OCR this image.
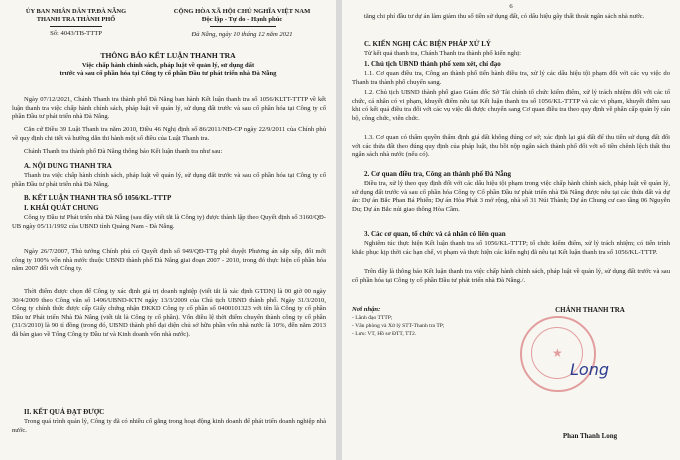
ỦY BAN NHÂN DÂN TP.ĐÀ NẴNG
THANH TRA THÀNH PHỐ
Số: 4043/TB-TTTP
CỘNG HÒA XÃ HỘI CHỦ NGHĨA VIỆT NAM
Độc lập - Tự do - Hạnh phúc
Đà Nẵng, ngày 10 tháng 12 năm 2021
THÔNG BÁO KẾT LUẬN THANH TRA
Việc chấp hành chính sách, pháp luật về quản lý, sử dụng đất
trước và sau cổ phần hóa tại Công ty cổ phần Đầu tư phát triển nhà Đà Nẵng
Ngày 07/12/2021, Chánh Thanh tra thành phố Đà Nẵng ban hành Kết luận thanh tra số 1056/KLTT-TTTP về kết luận thanh tra việc chấp hành chính sách, pháp luật về quản lý, sử dụng đất trước và sau cổ phần hóa tại Công ty cổ phần Đầu tư phát triển nhà Đà Nẵng.
Căn cứ Điều 39 Luật Thanh tra năm 2010, Điều 46 Nghị định số 86/2011/NĐ-CP ngày 22/9/2011 của Chính phủ về quy định chi tiết và hướng dẫn thi hành một số điều của Luật Thanh tra.
Chánh Thanh tra thành phố Đà Nẵng thông báo Kết luận thanh tra như sau:
A. NỘI DUNG THANH TRA
Thanh tra việc chấp hành chính sách, pháp luật về quản lý, sử dụng đất trước và sau cổ phần hóa tại Công ty cổ phần Đầu tư phát triển nhà Đà Nẵng.
B. KẾT LUẬN THANH TRA SỐ 1056/KL-TTTP
I. KHÁI QUÁT CHUNG
Công ty Đầu tư Phát triển nhà Đà Nẵng (sau đây viết tắt là Công ty) được thành lập theo Quyết định số 3160/QĐ-UB ngày 05/11/1992 của UBND tỉnh Quảng Nam - Đà Nẵng.
Ngày 26/7/2007, Thủ tướng Chính phủ có Quyết định số 949/QĐ-TTg phê duyệt Phương án sắp xếp, đổi mới công ty 100% vốn nhà nước thuộc UBND thành phố Đà Nẵng giai đoạn 2007 - 2010, trong đó thực hiện cổ phần hóa năm 2007 đối với Công ty.
Thời điểm được chọn để Công ty xác định giá trị doanh nghiệp (viết tắt là xác định GTDN) là 00 giờ 00 ngày 30/4/2009 theo Công văn số 1496/UBND-KTN ngày 13/3/2009 của Chủ tịch UBND thành phố. Ngày 31/3/2010, Công ty chính thức được cấp Giấy chứng nhận ĐKKD Công ty cổ phần số 0400101323 với tên là Công ty cổ phần Đầu tư Phát triển Nhà Đà Nẵng (viết tắt là Công ty cổ phần). Vốn điều lệ thời điểm chuyển thành công ty cổ phần (31/3/2010) là 90 tỉ đồng (trong đó, UBND thành phố đại diện chủ sở hữu phần vốn nhà nước là 10%, đến năm 2013 đã bàn giao về Tổng Công ty Đầu tư và Kinh doanh vốn nhà nước).
II. KẾT QUẢ ĐẠT ĐƯỢC
Trong quá trình quản lý, Công ty đã có nhiều cố gắng trong hoạt động kinh doanh để phát triển doanh nghiệp nhà nước.
6
tăng chi phí đầu tư dự án làm giảm thu số tiền sử dụng đất, có dấu hiệu gây thất thoát ngân sách nhà nước.
C. KIẾN NGHỊ CÁC BIỆN PHÁP XỬ LÝ
Từ kết quả thanh tra, Chánh Thanh tra thành phố kiến nghị:
1. Chủ tịch UBND thành phố xem xét, chỉ đạo
1.1. Cơ quan điều tra, Công an thành phố tiến hành điều tra, xử lý các dấu hiệu tội phạm đối với các vụ việc do Thanh tra thành phố chuyển sang.
1.2. Chủ tịch UBND thành phố giao Giám đốc Sở Tài chính tổ chức kiểm điểm, xử lý trách nhiệm đối với các tổ chức, cá nhân có vi phạm, khuyết điểm nêu tại Kết luận thanh tra số 1056/KL-TTTP và các vi phạm, khuyết điểm sau khi có kết quả điều tra đối với các vụ việc đã được chuyển sang Cơ quan điều tra theo quy định về phân cấp quản lý cán bộ, công chức, viên chức.
1.3. Cơ quan có thẩm quyền thẩm định giá đất không đúng cơ sở; xác định lại giá đất để thu tiền sử dụng đất đối với các thửa đất theo đúng quy định của pháp luật, thu hồi nộp ngân sách thành phố đối với số tiền chênh lệch thất thu ngân sách nhà nước (nếu có).
2. Cơ quan điều tra, Công an thành phố Đà Nẵng
Điều tra, xử lý theo quy định đối với các dấu hiệu tội phạm trong việc chấp hành chính sách, pháp luật về quản lý, sử dụng đất trước và sau cổ phần hóa Công ty Cổ phần Đầu tư phát triển nhà Đà Nẵng được nêu tại các thửa đất và dự án: Dự án Bắc Phan Bá Phiến; Dự án Hòa Phát 3 mở rộng, nhà số 31 Núi Thành; Dự án Chung cư cao tầng 06 Nguyễn Du; Dự án Bắc núi giao thông Hòa Cầm.
3. Các cơ quan, tổ chức và cá nhân có liên quan
Nghiêm túc thực hiện Kết luận thanh tra số 1056/KL-TTTP; tổ chức kiểm điểm, xử lý trách nhiệm; có tiến trình khắc phục kịp thời các hạn chế, vi phạm và thực hiện các kiến nghị đã nêu tại Kết luận thanh tra số 1056/KL-TTTP.
Trên đây là thông báo Kết luận thanh tra việc chấp hành chính sách, pháp luật về quản lý, sử dụng đất trước và sau cổ phần hóa tại Công ty cổ phần Đầu tư phát triển nhà Đà Nẵng./.
Nơi nhận:
- Lãnh đạo TTTP;
- Văn phòng và Xử lý STT-Thanh tra TP;
- Lưu: VT, Hồ sơ ĐTT, TT2.
CHÁNH THANH TRA
★
Long
Phan Thanh Long
